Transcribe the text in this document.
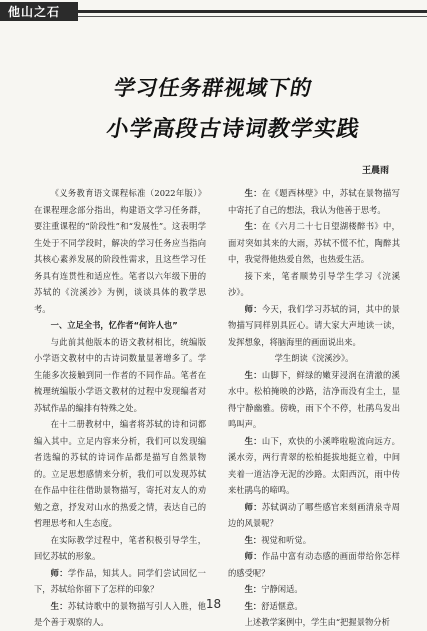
他山之石
学习任务群视域下的
小学高段古诗词教学实践
王晨雨

《义务教育语文课程标准（2022年版）》在课程理念部分指出，构建语文学习任务群，要注重课程的“阶段性”和“发展性”。这表明学生处于不同学段时，解决的学习任务应当指向其核心素养发展的阶段性需求，且这些学习任务具有连贯性和适应性。笔者以六年级下册的苏轼的《浣溪沙》为例，谈谈具体的教学思考。

一、立足全书，忆作者“何许人也”

与此前其他版本的语文教材相比，统编版小学语文教材中的古诗词数量显著增多了。学生能多次接触到同一作者的不同作品。笔者在梳理统编版小学语文教材的过程中发现编者对苏轼作品的编排有特殊之处。

在十二册教材中，编者将苏轼的诗和词都编入其中。立足内容来分析，我们可以发现编者选编的苏轼的诗词作品都是描写自然景物的。立足思想感情来分析，我们可以发现苏轼在作品中往往借助景物描写，寄托对友人的劝勉之意，抒发对山水的热爱之情，表达自己的哲理思考和人生态度。

在实际教学过程中，笔者积极引导学生，回忆苏轼的形象。

师：学作品，知其人。同学们尝试回忆一下，苏轼给你留下了怎样的印象？

生：苏轼诗歌中的景物描写引人入胜，他是个善于观察的人。

生：在《题西林壁》中，苏轼在景物描写中寄托了自己的想法，我认为他善于思考。

生：在《六月二十七日望湖楼醉书》中，面对突如其来的大雨，苏轼不慌不忙，陶醉其中，我觉得他热爱自然，也热爱生活。

接下来，笔者顺势引导学生学习《浣溪沙》。

师：今天，我们学习苏轼的词，其中的景物描写同样别具匠心。请大家大声地读一读，发挥想象，将脑海里的画面说出来。

学生朗读《浣溪沙》。

生：山脚下，鲜绿的嫩芽浸润在清澈的溪水中。松柏掩映的沙路，洁净而没有尘土，显得宁静幽雅。傍晚，雨下个不停，杜鹃鸟发出鸣叫声。

生：山下，欢快的小溪哗啦啦流向远方。溪水旁，两行青翠的松柏挺拔地挺立着，中间夹着一道洁净无泥的沙路。太阳西沉，雨中传来杜鹃鸟的啼鸣。

师：苏轼调动了哪些感官来刻画清泉寺周边的风景呢？

生：视觉和听觉。

师：作品中富有动态感的画面带给你怎样的感受呢？

生：宁静闲适。

生：舒适惬意。

上述教学案例中，学生由“把握景物分析

18
